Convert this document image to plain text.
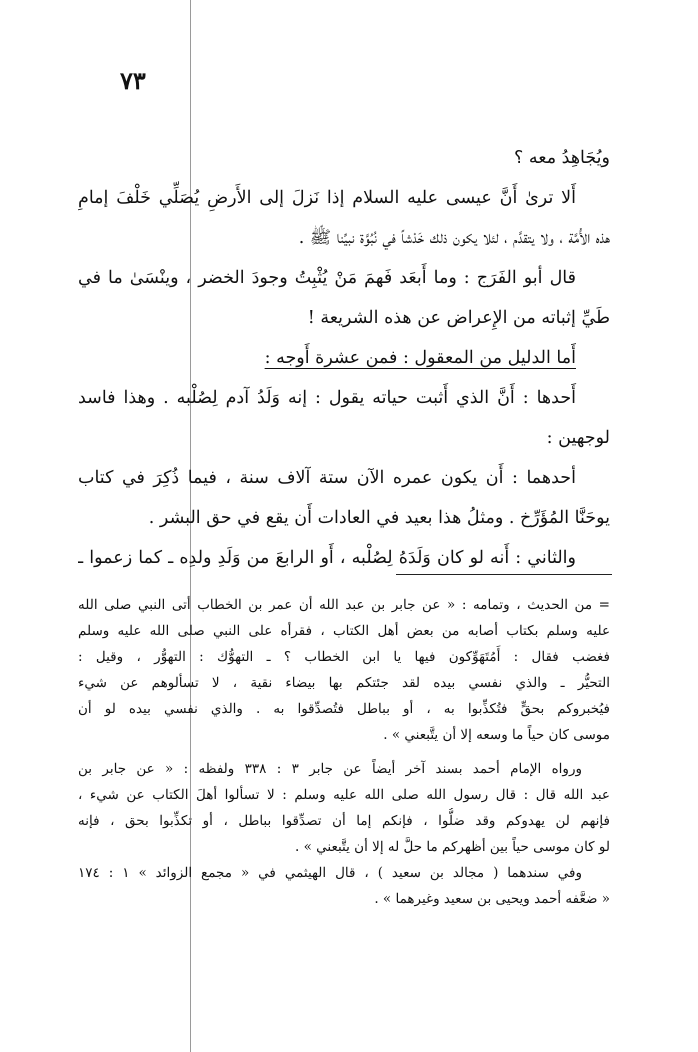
٧٣
ويُجَاهِدُ معه ؟
أَلا ترىٰ أَنَّ عيسى عليه السلام إذا نَزلَ إلى الأَرضِ يُصَلِّي خَلْفَ إمامِ
هذه الأُمَّة ، ولا يتقدَّم ، لئلا يكون ذلك خَدْشاً في نُبُوَّة نبيِّنا ﷺ .
قال أبو الفَرَج : وما أَبعَد فَهمَ مَنْ يُثْبِتُ وجودَ الخضر ، وينْسَىٰ ما في
طَيِّ إثباته من الإِعراض عن هذه الشريعة !
أَما الدليل من المعقول : فمن عشرة أَوجه :
أَحدها : أَنَّ الذي أَثبت حياته يقول : إنه وَلَدُ آدم لِصُلْبه . وهذا فاسد
لوجهين :
أحدهما : أَن يكون عمره الآن ستة آلاف سنة ، فيما ذُكِرَ في كتاب
يوحَنَّا المُؤَرِّخ . ومثلُ هذا بعيد في العادات أَن يقع في حق البشر .
والثاني : أَنه لو كان وَلَدَهُ لِصُلْبه ، أَو الرابعَ من وَلَدِ ولدِه ـ كما زعموا ـ
= من الحديث ، وتمامه : « عن جابر بن عبد الله أن عمر بن الخطاب أتى النبي صلى الله
عليه وسلم بكتاب أصابه من بعض أهل الكتاب ، فقرأه على النبي صلى الله عليه وسلم
فغضب فقال : أَمُتَهَوِّكون فيها يا ابن الخطاب ؟ ـ التهوُّك : التهوُّر ، وقيل :
التحيُّر ـ والذي نفسي بيده لقد جئتكم بها بيضاء نقية ، لا تسألوهم عن شيء
فيُخبروكم بحقٍّ فتُكذِّبوا به ، أو بباطل فتُصدِّقوا به . والذي نفسي بيده لو أن
موسى كان حياً ما وسعه إلا أن يتَّبعني » .
ورواه الإمام أحمد بسند آخر أيضاً عن جابر ٣ : ٣٣٨ ولفظه : « عن جابر بن
عبد الله قال : قال رسول الله صلى الله عليه وسلم : لا تسألوا أهلَ الكتاب عن شيء ،
فإنهم لن يهدوكم وقد ضلُّوا ، فإنكم إما أن تصدِّقوا بباطل ، أو تكذِّبوا بحق ، فإنه
لو كان موسى حياً بين أظهركم ما حلَّ له إلا أن يتَّبعني » .
وفي سندهما ( مجالد بن سعيد ) ، قال الهيثمي في « مجمع الزوائد » ١ : ١٧٤
« ضعَّفه أحمد ويحيى بن سعيد وغيرهما » .
